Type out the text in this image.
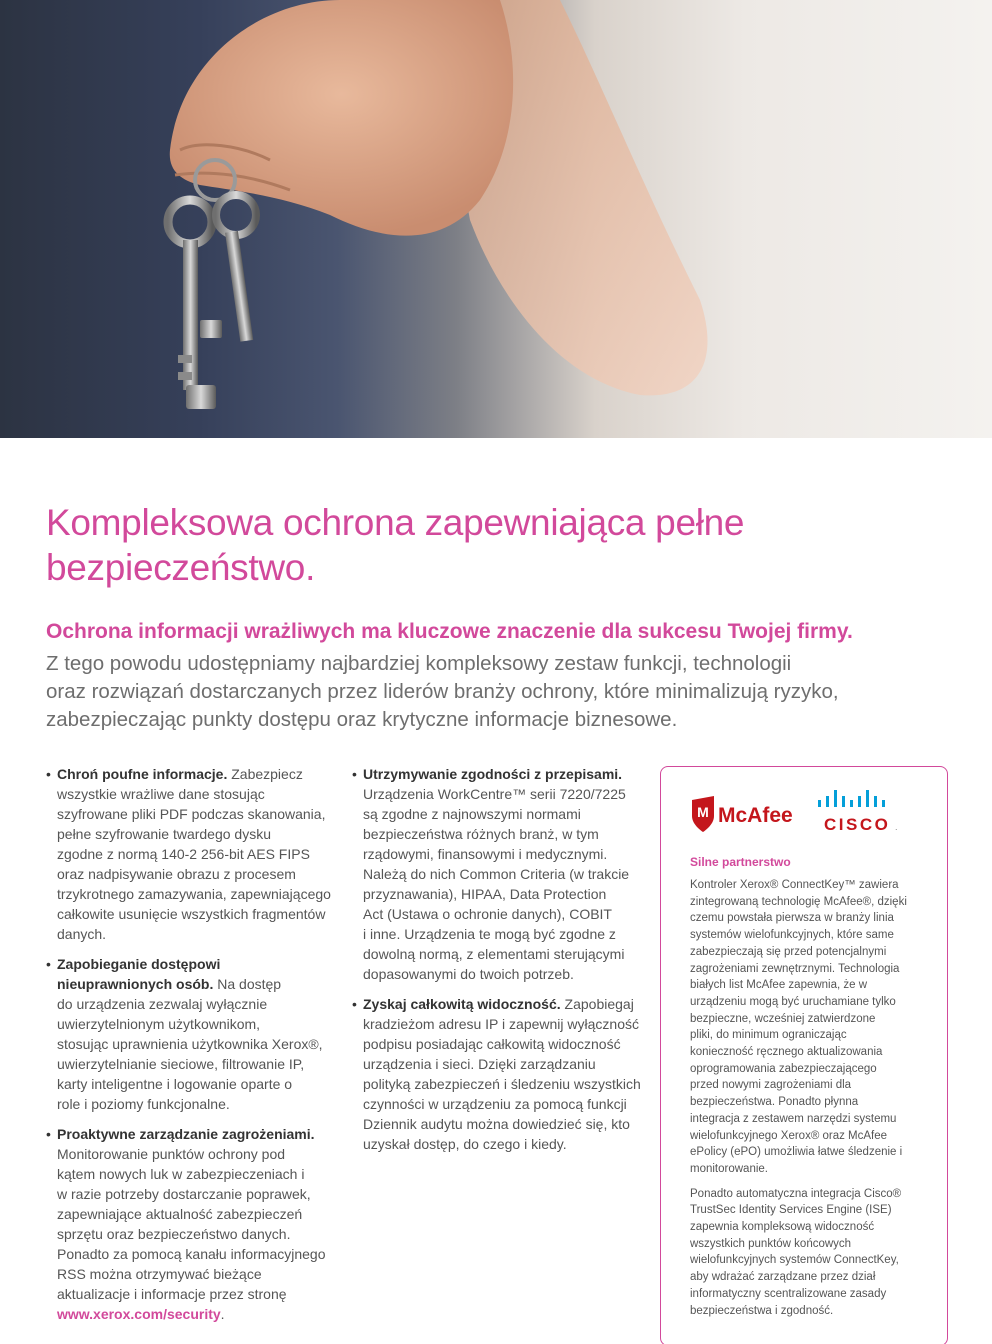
Kompleksowa ochrona zapewniająca pełne bezpieczeństwo.
Ochrona informacji wrażliwych ma kluczowe znaczenie dla sukcesu Twojej firmy.

Z tego powodu udostępniamy najbardziej kompleksowy zestaw funkcji, technologii

oraz rozwiązań dostarczanych przez liderów branży ochrony, które minimalizują ryzyko,

zabezpieczając punkty dostępu oraz krytyczne informacje biznesowe.

• Chroń poufne informacje. Zabezpiecz
wszystkie wrażliwe dane stosując
szyfrowane pliki PDF podczas skanowania,
pełne szyfrowanie twardego dysku
zgodne z normą 140-2 256-bit AES FIPS
oraz nadpisywanie obrazu z procesem
trzykrotnego zamazywania, zapewniającego
całkowite usunięcie wszystkich fragmentów
danych.
• Zapobieganie dostępowi
nieuprawnionych osób. Na dostęp
do urządzenia zezwalaj wyłącznie
uwierzytelnionym użytkownikom,
stosując uprawnienia użytkownika Xerox®,
uwierzytelnianie sieciowe, filtrowanie IP,
karty inteligentne i logowanie oparte o
role i poziomy funkcjonalne.
• Proaktywne zarządzanie zagrożeniami.
Monitorowanie punktów ochrony pod
kątem nowych luk w zabezpieczeniach i
w razie potrzeby dostarczanie poprawek,
zapewniające aktualność zabezpieczeń
sprzętu oraz bezpieczeństwo danych.
Ponadto za pomocą kanału informacyjnego
RSS można otrzymywać bieżące
aktualizacje i informacje przez stronę
www.xerox.com/security.
• Utrzymywanie zgodności z przepisami.
Urządzenia WorkCentre™ serii 7220/7225
są zgodne z najnowszymi normami
bezpieczeństwa różnych branż, w tym
rządowymi, finansowymi i medycznymi.
Należą do nich Common Criteria (w trakcie
przyznawania), HIPAA, Data Protection
Act (Ustawa o ochronie danych), COBIT
i inne. Urządzenia te mogą być zgodne z
dowolną normą, z elementami sterującymi
dopasowanymi do twoich potrzeb.
• Zyskaj całkowitą widoczność. Zapobiegaj
kradzieżom adresu IP i zapewnij wyłączność
podpisu posiadając całkowitą widoczność
urządzenia i sieci. Dzięki zarządzaniu
polityką zabezpieczeń i śledzeniu wszystkich
czynności w urządzeniu za pomocą funkcji
Dziennik audytu można dowiedzieć się, kto
uzyskał dostęp, do czego i kiedy.
M McAfee CISCO .
Silne partnerstwo
Kontroler Xerox® ConnectKey™ zawiera
zintegrowaną technologię McAfee®, dzięki
czemu powstała pierwsza w branży linia
systemów wielofunkcyjnych, które same
zabezpieczają się przed potencjalnymi
zagrożeniami zewnętrznymi. Technologia
białych list McAfee zapewnia, że w
urządzeniu mogą być uruchamiane tylko
bezpieczne, wcześniej zatwierdzone
pliki, do minimum ograniczając
konieczność ręcznego aktualizowania
oprogramowania zabezpieczającego
przed nowymi zagrożeniami dla
bezpieczeństwa. Ponadto płynna
integracja z zestawem narzędzi systemu
wielofunkcyjnego Xerox® oraz McAfee
ePolicy (ePO) umożliwia łatwe śledzenie i
monitorowanie.
Ponadto automatyczna integracja Cisco®
TrustSec Identity Services Engine (ISE)
zapewnia kompleksową widoczność
wszystkich punktów końcowych
wielofunkcyjnych systemów ConnectKey,
aby wdrażać zarządzane przez dział
informatyczny scentralizowane zasady
bezpieczeństwa i zgodność.
